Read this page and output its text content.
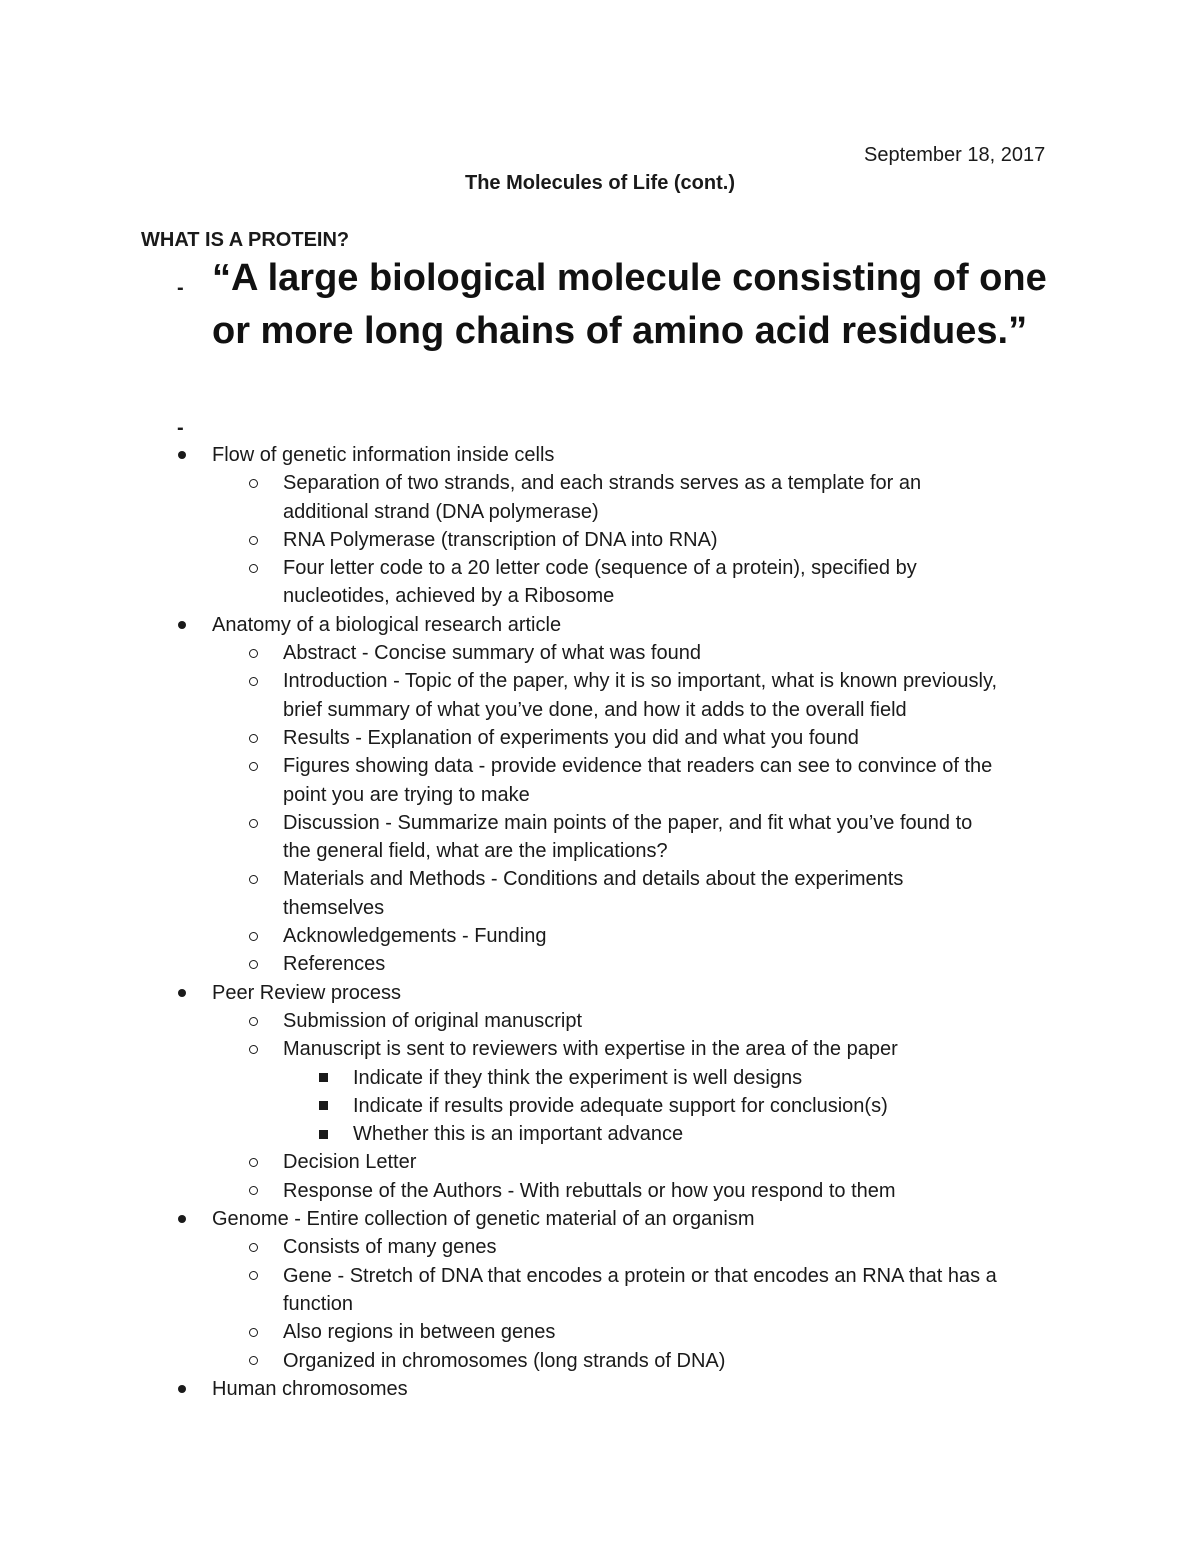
September 18, 2017
The Molecules of Life (cont.)
WHAT IS A PROTEIN?
- “A large biological molecule consisting of one or more long chains of amino acid residues.”
-
Flow of genetic information inside cells
Separation of two strands, and each strands serves as a template for an
additional strand (DNA polymerase)
RNA Polymerase (transcription of DNA into RNA)
Four letter code to a 20 letter code (sequence of a protein), specified by
nucleotides, achieved by a Ribosome
Anatomy of a biological research article
Abstract - Concise summary of what was found
Introduction - Topic of the paper, why it is so important, what is known previously,
brief summary of what you’ve done, and how it adds to the overall field
Results - Explanation of experiments you did and what you found
Figures showing data - provide evidence that readers can see to convince of the
point you are trying to make
Discussion - Summarize main points of the paper, and fit what you’ve found to
the general field, what are the implications?
Materials and Methods - Conditions and details about the experiments
themselves
Acknowledgements - Funding
References
Peer Review process
Submission of original manuscript
Manuscript is sent to reviewers with expertise in the area of the paper
Indicate if they think the experiment is well designs
Indicate if results provide adequate support for conclusion(s)
Whether this is an important advance
Decision Letter
Response of the Authors - With rebuttals or how you respond to them
Genome - Entire collection of genetic material of an organism
Consists of many genes
Gene - Stretch of DNA that encodes a protein or that encodes an RNA that has a
function
Also regions in between genes
Organized in chromosomes (long strands of DNA)
Human chromosomes
